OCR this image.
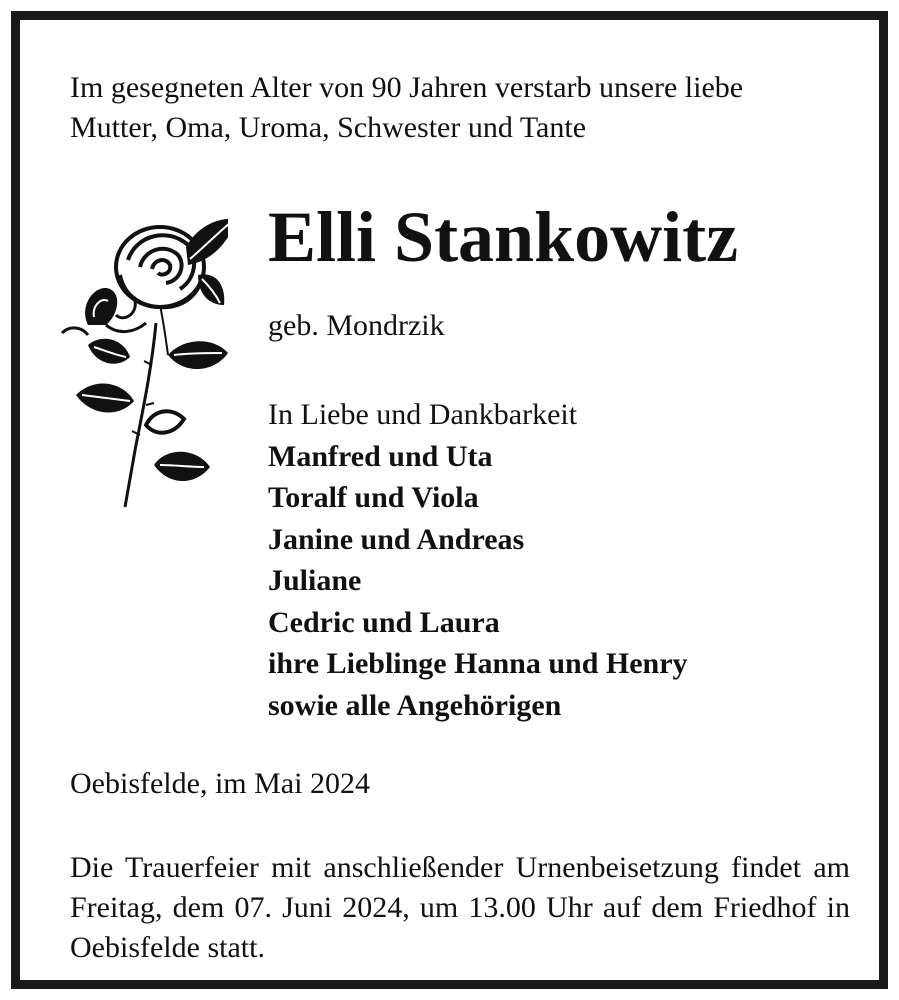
Im gesegneten Alter von 90 Jahren verstarb unsere liebe
Mutter, Oma, Uroma, Schwester und Tante

Elli Stankowitz

geb. Mondrzik

In Liebe und Dankbarkeit
Manfred und Uta
Toralf und Viola
Janine und Andreas
Juliane
Cedric und Laura
ihre Lieblinge Hanna und Henry
sowie alle Angehörigen

Oebisfelde, im Mai 2024

Die Trauerfeier mit anschließender Urnenbeisetzung findet am Freitag, dem 07. Juni 2024, um 13.00 Uhr auf dem Friedhof in Oebisfelde statt.
